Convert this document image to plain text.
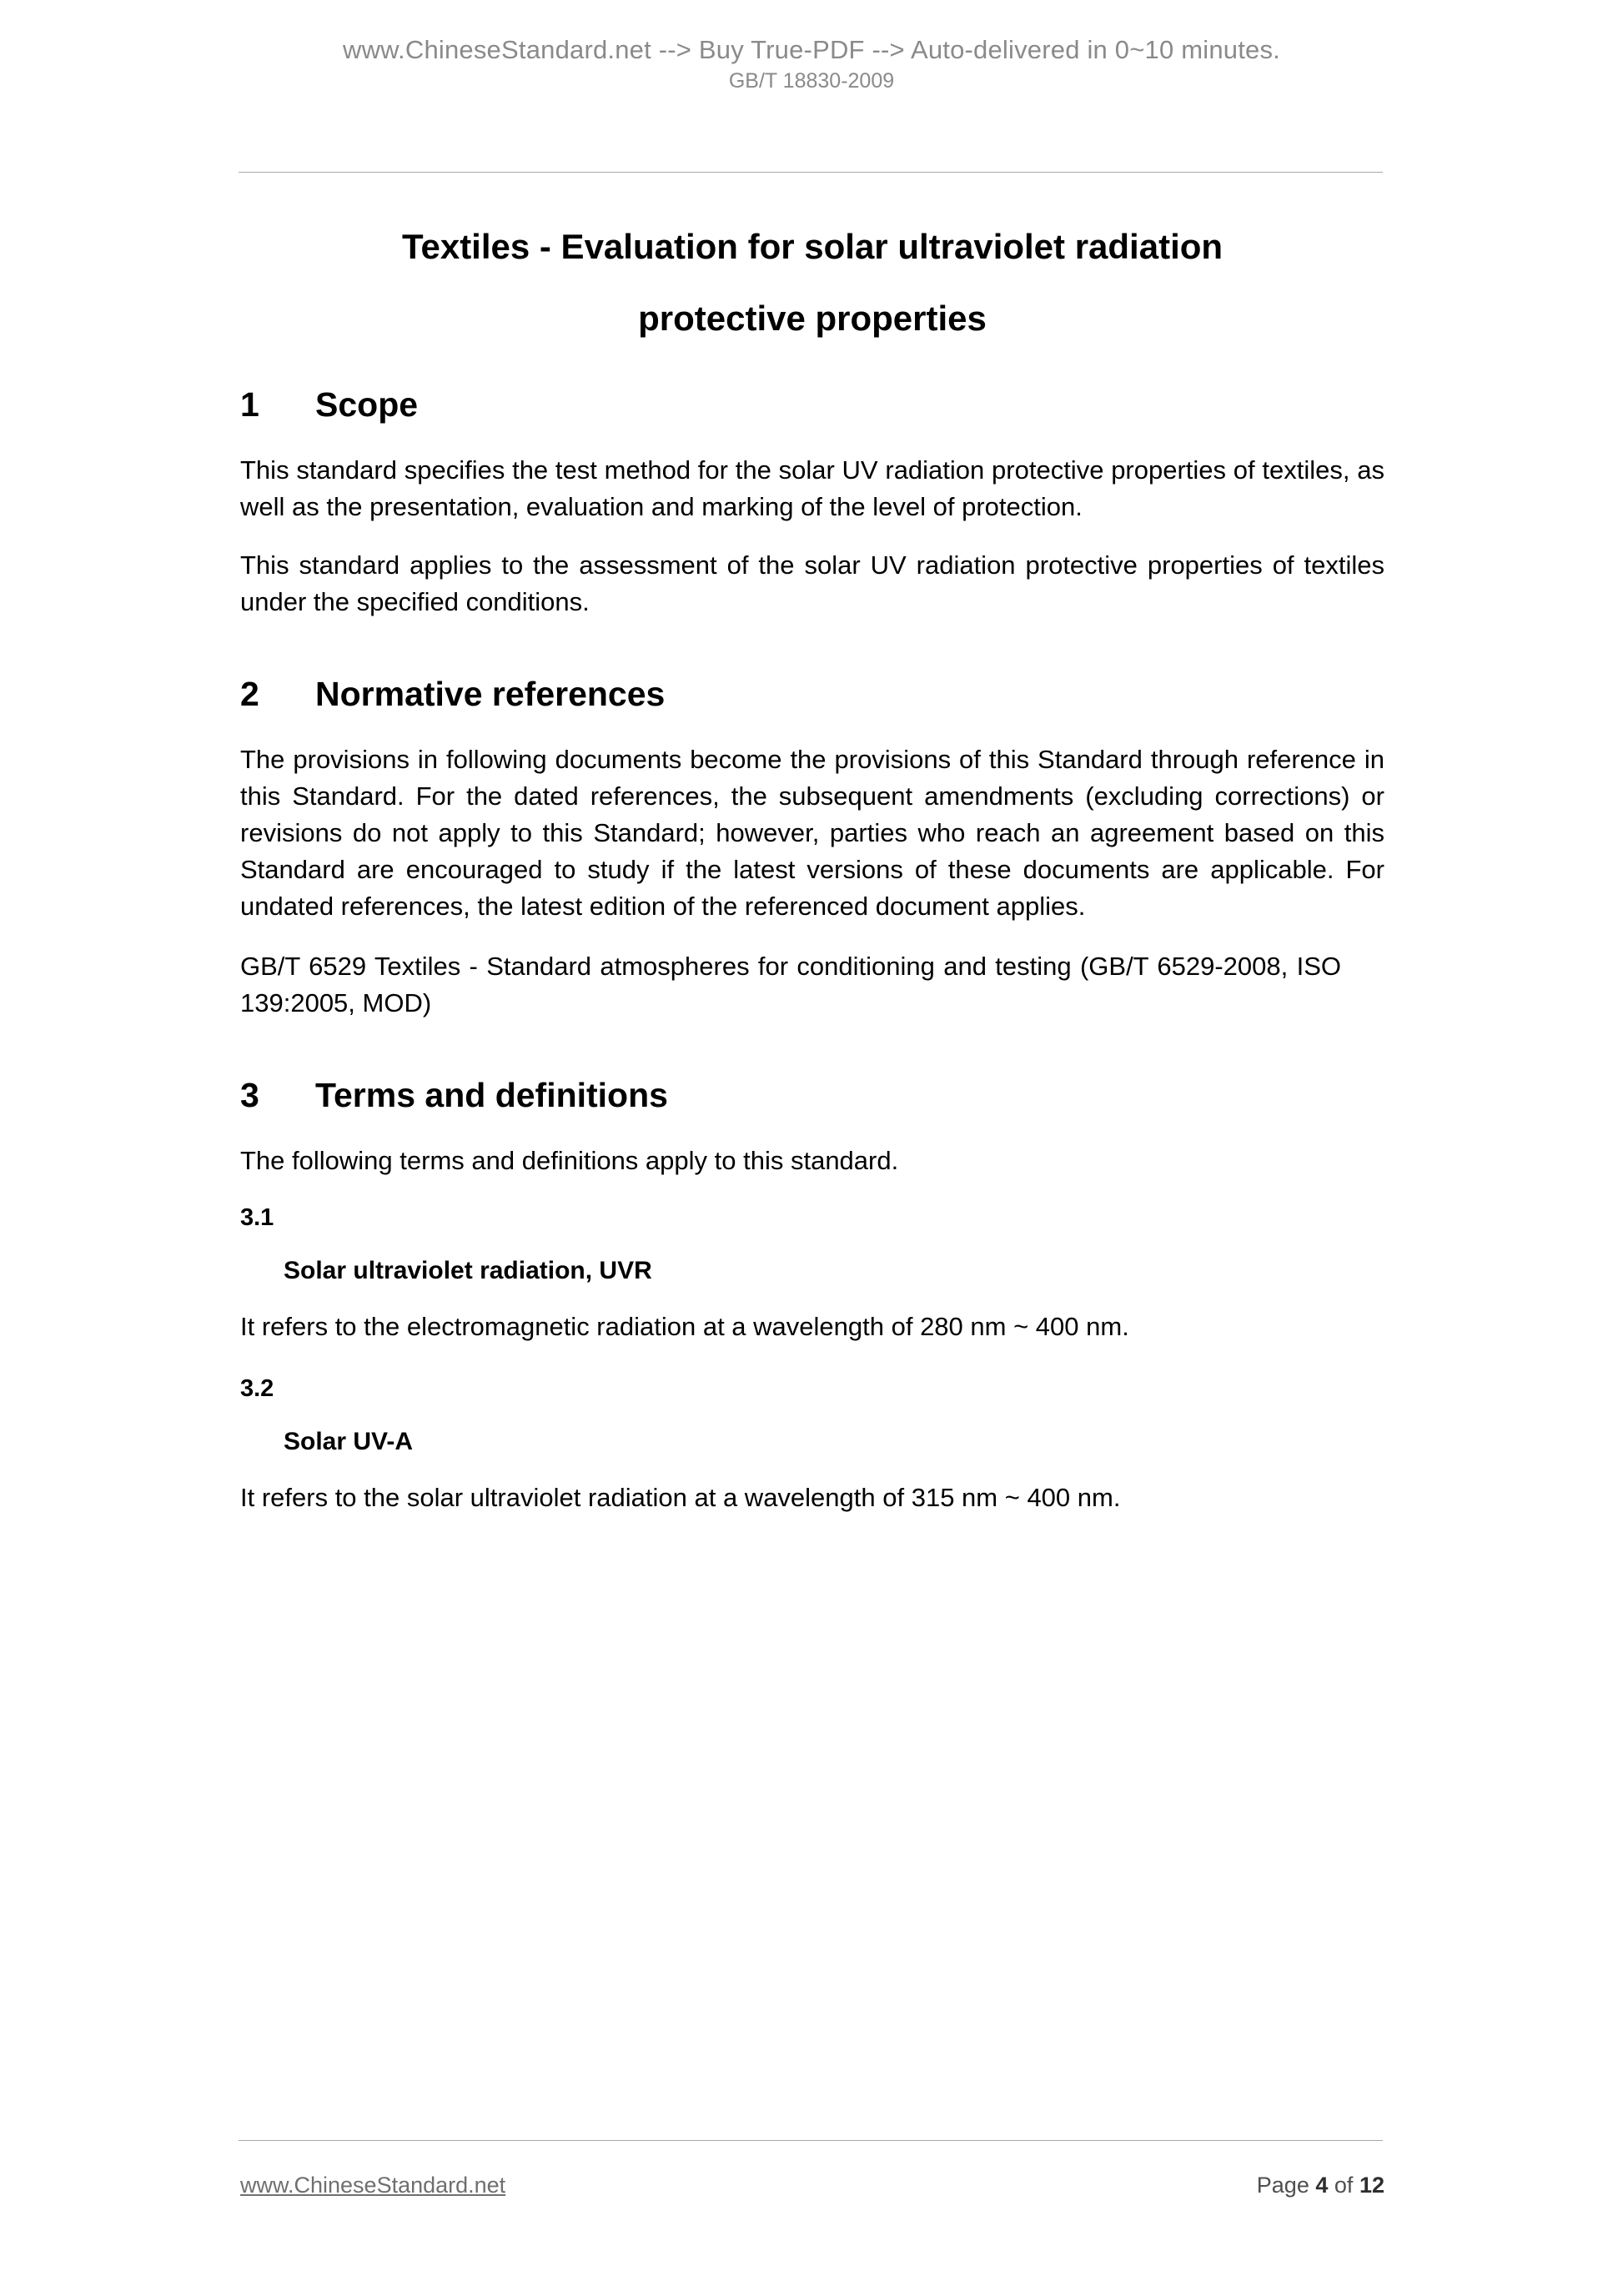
www.ChineseStandard.net --> Buy True-PDF --> Auto-delivered in 0~10 minutes.
GB/T 18830-2009
Textiles - Evaluation for solar ultraviolet radiation
protective properties
1	Scope

This standard specifies the test method for the solar UV radiation protective properties of textiles, as well as the presentation, evaluation and marking of the level of protection.

This standard applies to the assessment of the solar UV radiation protective properties of textiles under the specified conditions.

2	Normative references

The provisions in following documents become the provisions of this Standard through reference in this Standard. For the dated references, the subsequent amendments (excluding corrections) or revisions do not apply to this Standard; however, parties who reach an agreement based on this Standard are encouraged to study if the latest versions of these documents are applicable. For undated references, the latest edition of the referenced document applies.

GB/T 6529 Textiles - Standard atmospheres for conditioning and testing (GB/T 6529-2008, ISO 139:2005, MOD)

3	Terms and definitions

The following terms and definitions apply to this standard.

3.1

Solar ultraviolet radiation, UVR

It refers to the electromagnetic radiation at a wavelength of 280 nm ~ 400 nm.

3.2

Solar UV-A

It refers to the solar ultraviolet radiation at a wavelength of 315 nm ~ 400 nm.

www.ChineseStandard.net	Page 4 of 12
